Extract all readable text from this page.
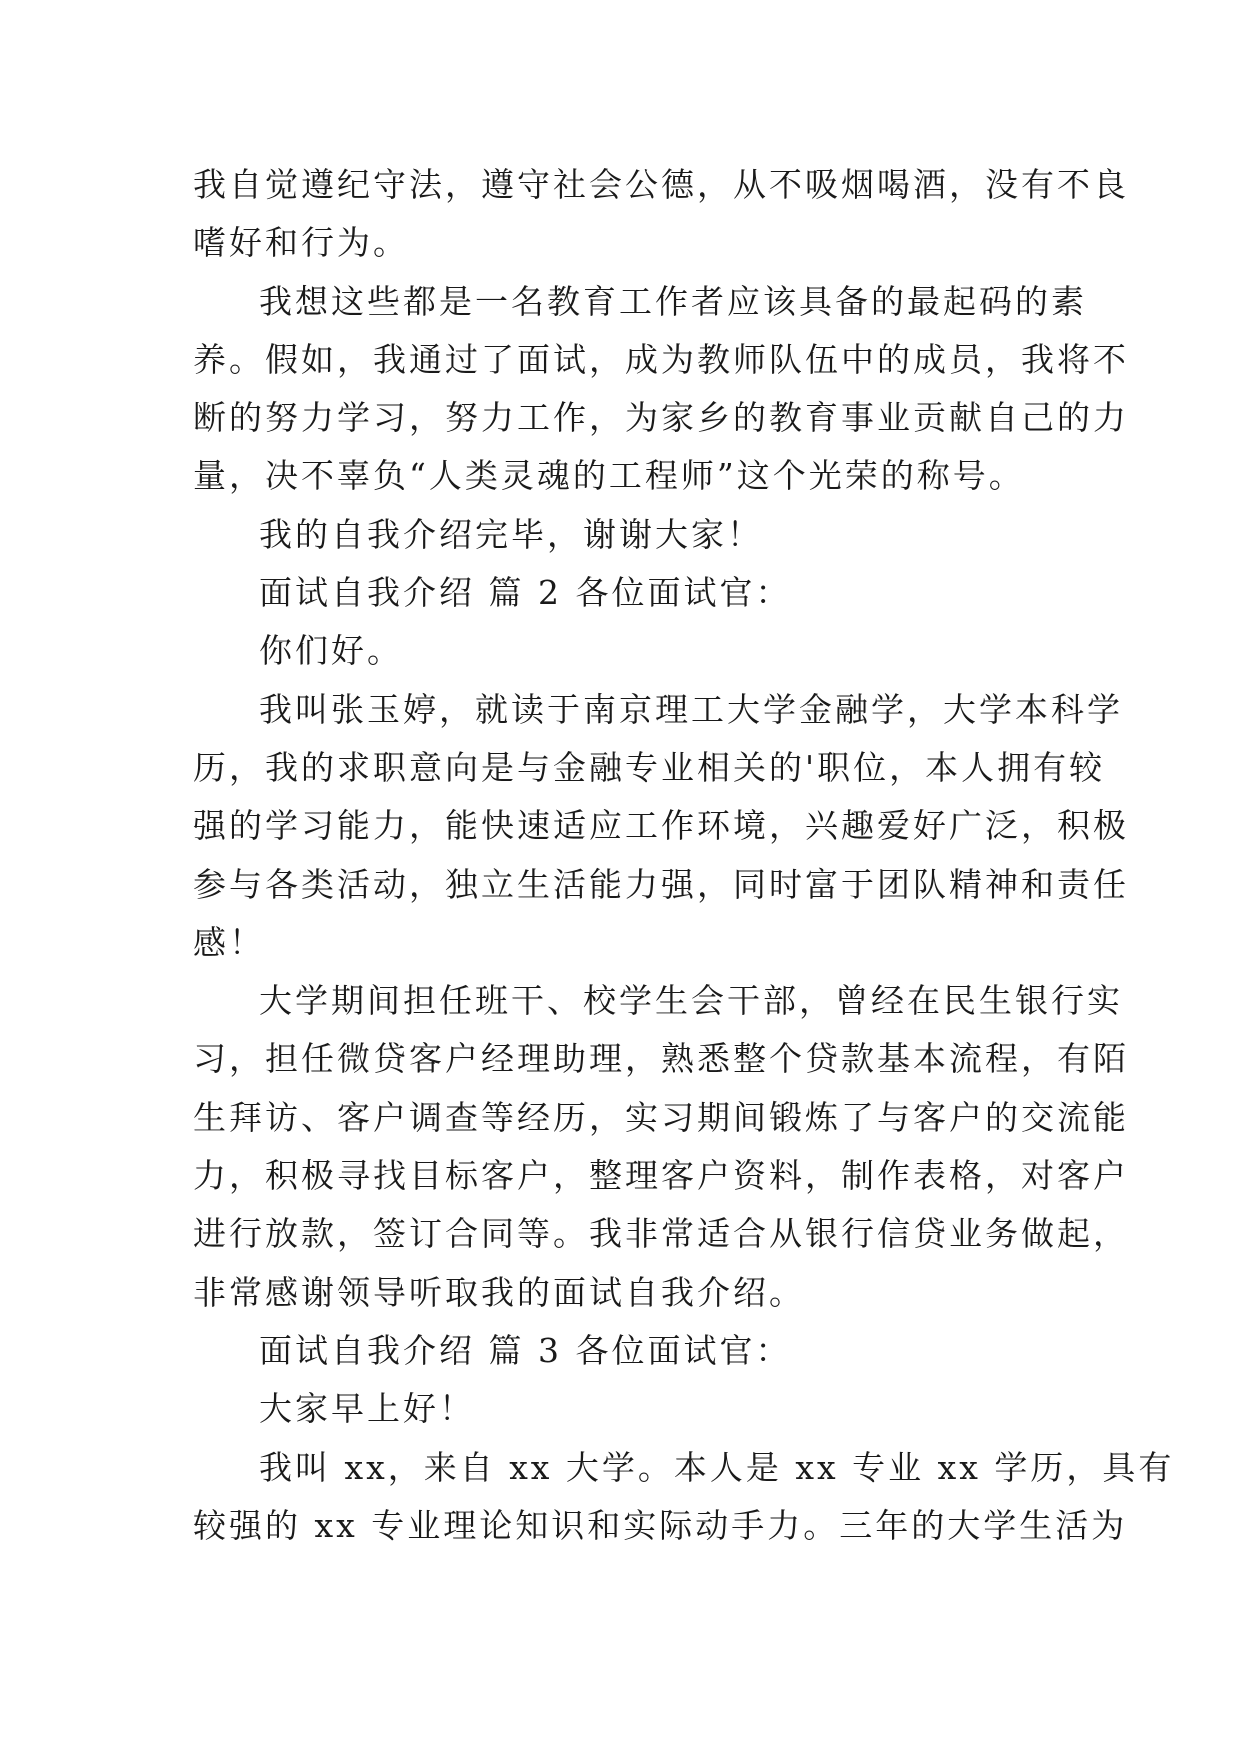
我自觉遵纪守法，遵守社会公德，从不吸烟喝酒，没有不良
嗜好和行为。
我想这些都是一名教育工作者应该具备的最起码的素
养。假如，我通过了面试，成为教师队伍中的成员，我将不
断的努力学习，努力工作，为家乡的教育事业贡献自己的力
量，决不辜负“人类灵魂的工程师”这个光荣的称号。
我的自我介绍完毕，谢谢大家！
面试自我介绍 篇 2 各位面试官：
你们好。
我叫张玉婷，就读于南京理工大学金融学，大学本科学
历，我的求职意向是与金融专业相关的'职位，本人拥有较
强的学习能力，能快速适应工作环境，兴趣爱好广泛，积极
参与各类活动，独立生活能力强，同时富于团队精神和责任
感！
大学期间担任班干、校学生会干部，曾经在民生银行实
习，担任微贷客户经理助理，熟悉整个贷款基本流程，有陌
生拜访、客户调查等经历，实习期间锻炼了与客户的交流能
力，积极寻找目标客户，整理客户资料，制作表格，对客户
进行放款，签订合同等。我非常适合从银行信贷业务做起，
非常感谢领导听取我的面试自我介绍。
面试自我介绍 篇 3 各位面试官：
大家早上好！
我叫 xx，来自 xx 大学。本人是 xx 专业 xx 学历，具有
较强的 xx 专业理论知识和实际动手力。三年的大学生活为
